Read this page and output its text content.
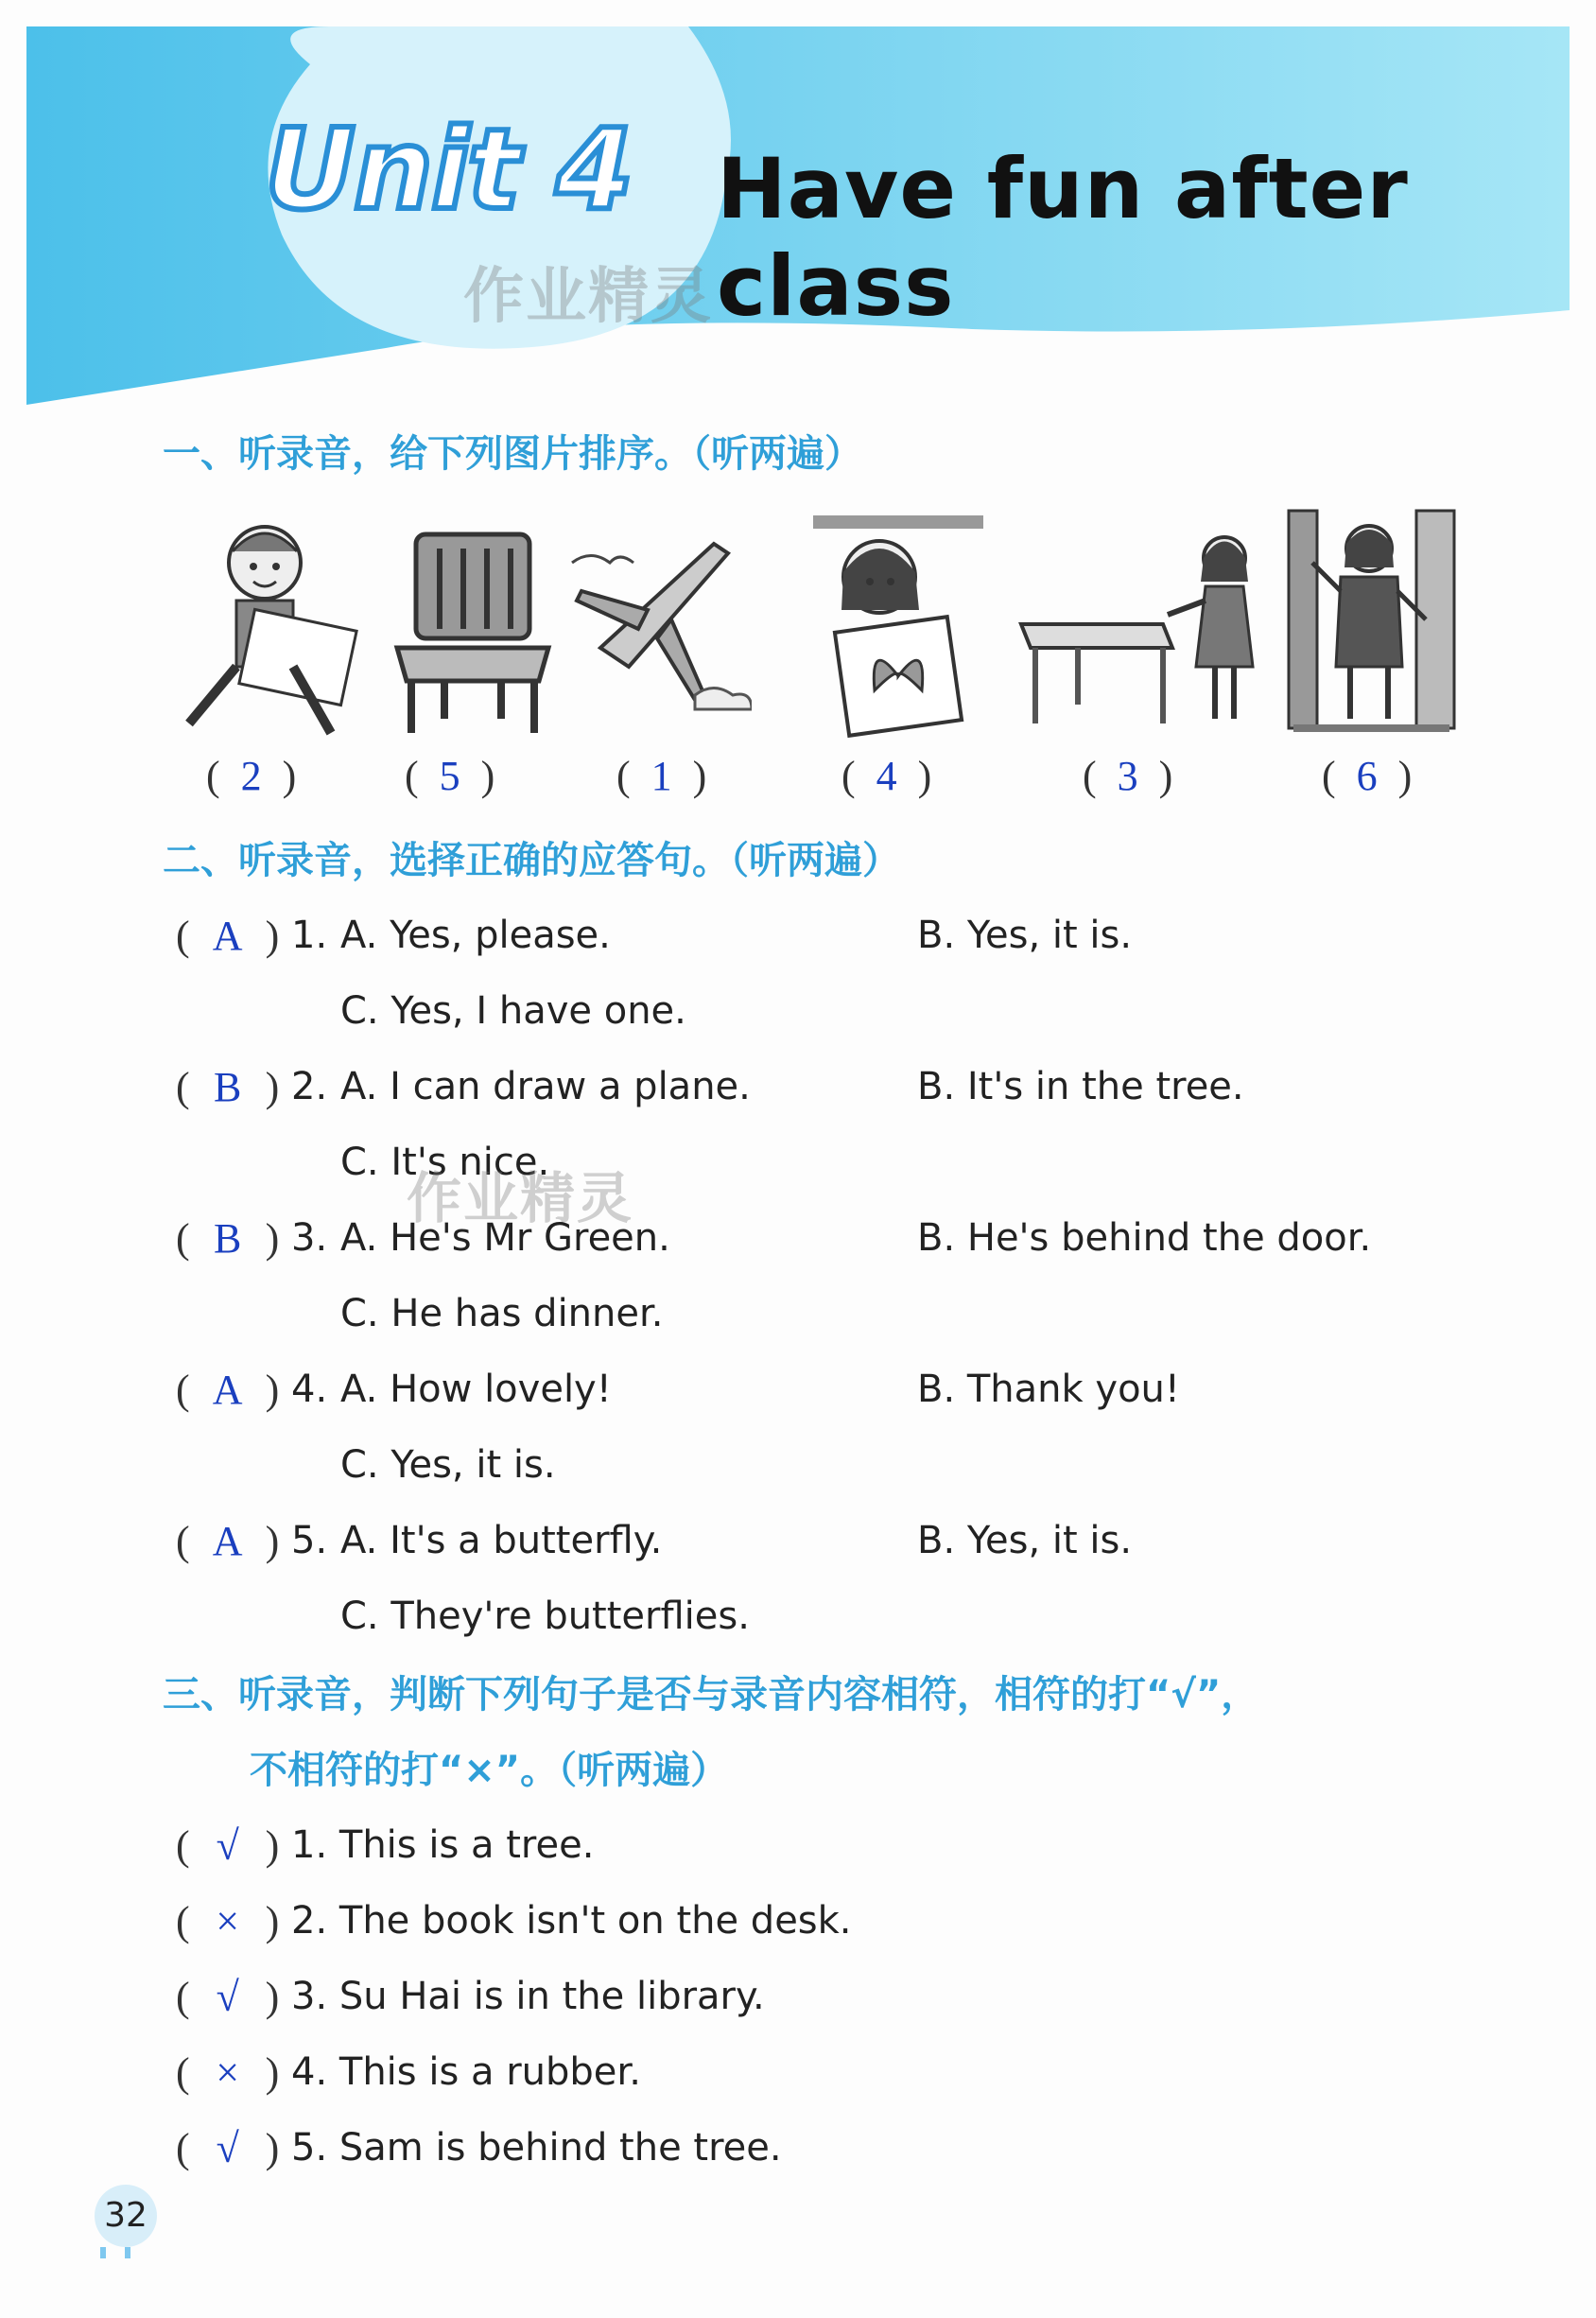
Unit 4 Have fun after class
作业精灵
一、听录音，给下列图片排序。（听两遍）
( 2 )	( 5 )	( 1 )	( 4 )	( 3 )	( 6 )
二、听录音，选择正确的应答句。（听两遍）
( A ) 1. A. Yes, please.	B. Yes, it is.
C. Yes, I have one.
( B ) 2. A. I can draw a plane.	B. It's in the tree.
C. It's nice.
作业精灵
( B ) 3. A. He's Mr Green.	B. He's behind the door.
C. He has dinner.
( A ) 4. A. How lovely!	B. Thank you!
C. Yes, it is.
( A ) 5. A. It's a butterfly.	B. Yes, it is.
C. They're butterflies.
三、听录音，判断下列句子是否与录音内容相符，相符的打“√”，
不相符的打“×”。（听两遍）
( √ ) 1. This is a tree.
( × ) 2. The book isn't on the desk.
( √ ) 3. Su Hai is in the library.
( × ) 4. This is a rubber.
( √ ) 5. Sam is behind the tree.
32
